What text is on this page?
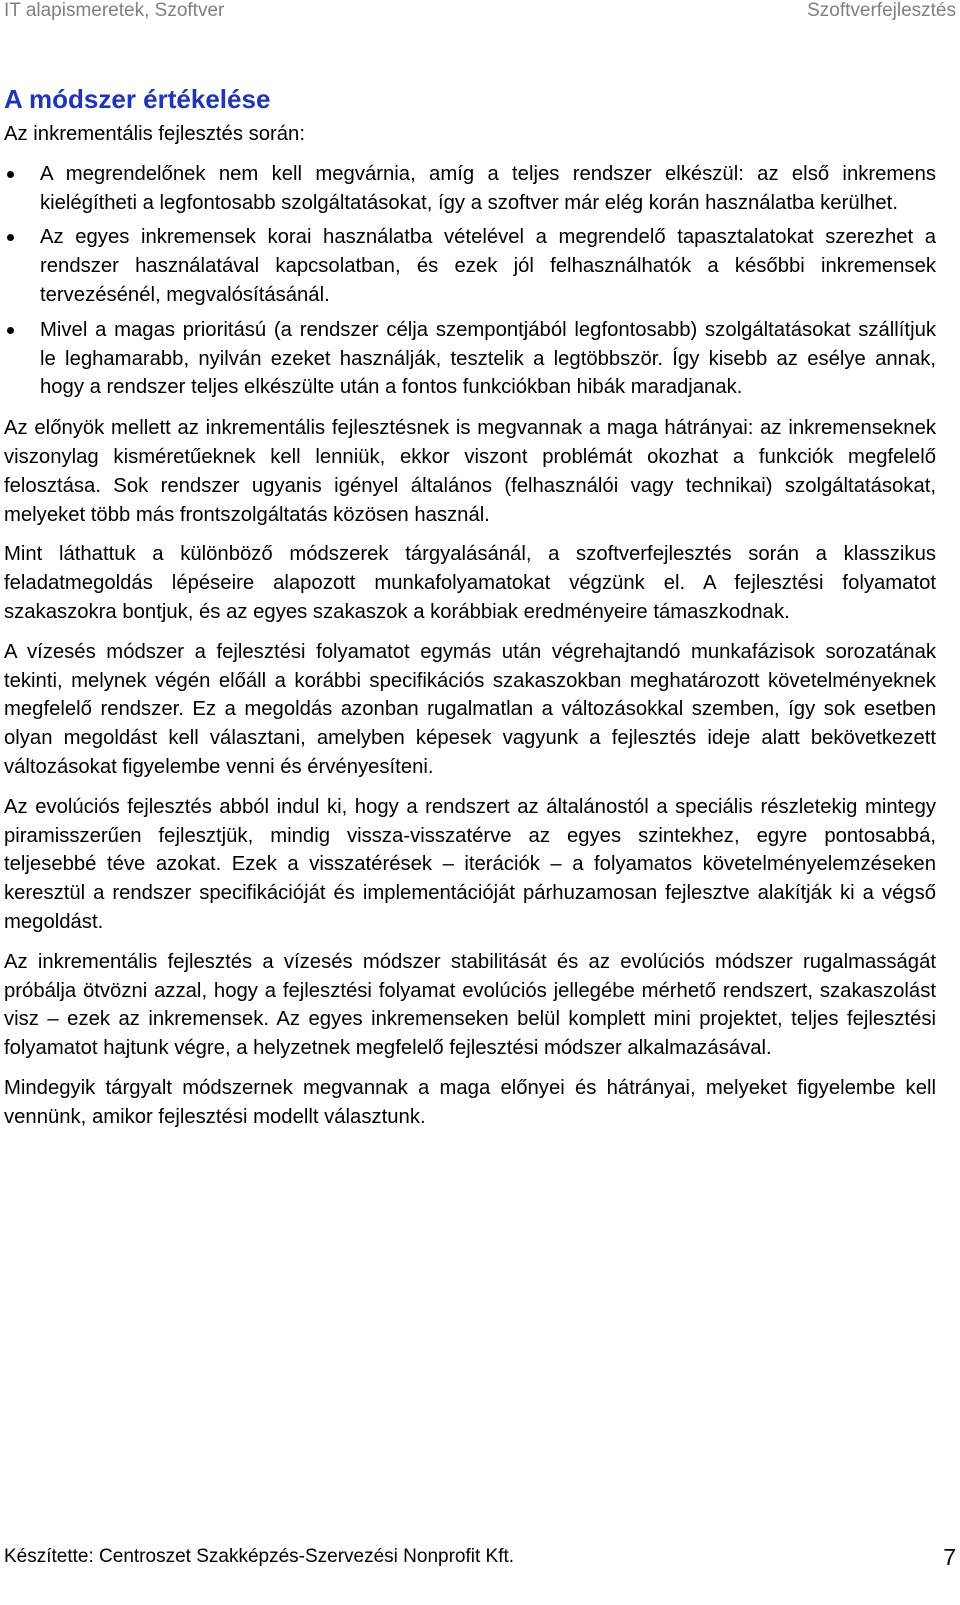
IT alapismeretek, Szoftver	Szoftverfejlesztés
A módszer értékelése

Az inkrementális fejlesztés során:

A megrendelőnek nem kell megvárnia, amíg a teljes rendszer elkészül: az első inkremens kielégítheti a legfontosabb szolgáltatásokat, így a szoftver már elég korán használatba kerülhet.
Az egyes inkremensek korai használatba vételével a megrendelő tapasztalatokat szerezhet a rendszer használatával kapcsolatban, és ezek jól felhasználhatók a későbbi inkremensek tervezésénél, megvalósításánál.
Mivel a magas prioritású (a rendszer célja szempontjából legfontosabb) szolgáltatásokat szállítjuk le leghamarabb, nyilván ezeket használják, tesztelik a legtöbbször. Így kisebb az esélye annak, hogy a rendszer teljes elkészülte után a fontos funkciókban hibák maradjanak.

Az előnyök mellett az inkrementális fejlesztésnek is megvannak a maga hátrányai: az inkremenseknek viszonylag kisméretűeknek kell lenniük, ekkor viszont problémát okozhat a funkciók megfelelő felosztása. Sok rendszer ugyanis igényel általános (felhasználói vagy technikai) szolgáltatásokat, melyeket több más frontszolgáltatás közösen használ.

Mint láthattuk a különböző módszerek tárgyalásánál, a szoftverfejlesztés során a klasszikus feladatmegoldás lépéseire alapozott munkafolyamatokat végzünk el. A fejlesztési folyamatot szakaszokra bontjuk, és az egyes szakaszok a korábbiak eredményeire támaszkodnak.

A vízesés módszer a fejlesztési folyamatot egymás után végrehajtandó munkafázisok sorozatának tekinti, melynek végén előáll a korábbi specifikációs szakaszokban meghatározott követelményeknek megfelelő rendszer. Ez a megoldás azonban rugalmatlan a változásokkal szemben, így sok esetben olyan megoldást kell választani, amelyben képesek vagyunk a fejlesztés ideje alatt bekövetkezett változásokat figyelembe venni és érvényesíteni.

Az evolúciós fejlesztés abból indul ki, hogy a rendszert az általánostól a speciális részletekig mintegy piramisszerűen fejlesztjük, mindig vissza-visszatérve az egyes szintekhez, egyre pontosabbá, teljesebbé téve azokat. Ezek a visszatérések – iterációk – a folyamatos követelményelemzéseken keresztül a rendszer specifikációját és implementációját párhuzamosan fejlesztve alakítják ki a végső megoldást.

Az inkrementális fejlesztés a vízesés módszer stabilitását és az evolúciós módszer rugalmasságát próbálja ötvözni azzal, hogy a fejlesztési folyamat evolúciós jellegébe mérhető rendszert, szakaszolást visz – ezek az inkremensek. Az egyes inkremenseken belül komplett mini projektet, teljes fejlesztési folyamatot hajtunk végre, a helyzetnek megfelelő fejlesztési módszer alkalmazásával.

Mindegyik tárgyalt módszernek megvannak a maga előnyei és hátrányai, melyeket figyelembe kell vennünk, amikor fejlesztési modellt választunk.

Készítette: Centroszet Szakképzés-Szervezési Nonprofit Kft.	7
